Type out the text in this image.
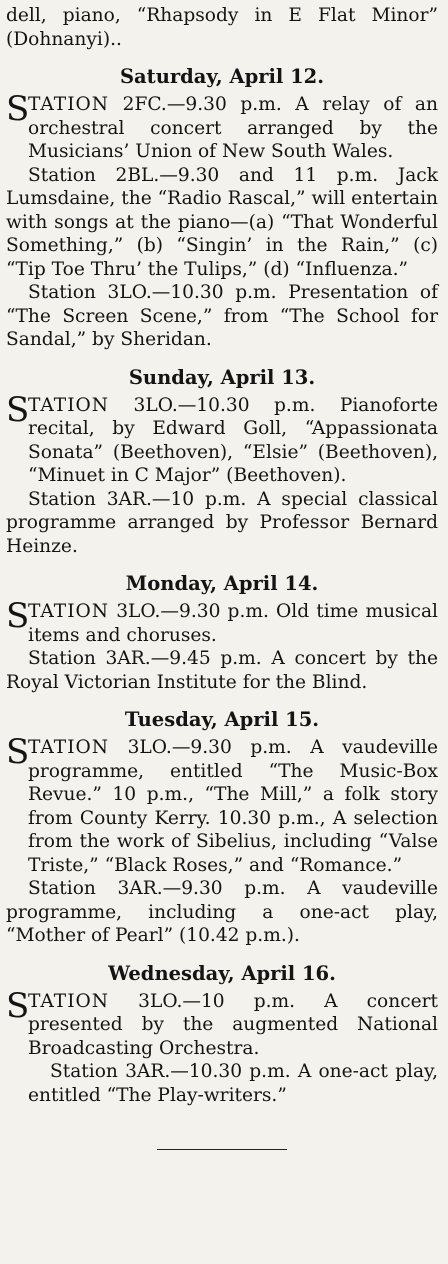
dell, piano, “Rhapsody in E Flat Minor” (Dohnanyi)..

Saturday, April 12.

S
TATION 2FC.—9.30 p.m. A relay of an orchestral concert arranged by the Musicians’ Union of New South Wales.

Station 2BL.—9.30 and 11 p.m. Jack Lumsdaine, the “Radio Rascal,” will entertain with songs at the piano—(a) “That Wonderful Something,” (b) “Singin’ in the Rain,” (c) “Tip Toe Thru’ the Tulips,” (d) “Influenza.”

Station 3LO.—10.30 p.m. Presentation of “The Screen Scene,” from “The School for Sandal,” by Sheridan.

Sunday, April 13.

S
TATION 3LO.—10.30 p.m. Pianoforte recital, by Edward Goll, “Appassionata Sonata” (Beethoven), “Elsie” (Beethoven), “Minuet in C Major” (Beethoven).

Station 3AR.—10 p.m. A special classical programme arranged by Professor Bernard Heinze.

Monday, April 14.

S
TATION 3LO.—9.30 p.m. Old time musical items and choruses.

Station 3AR.—9.45 p.m. A concert by the Royal Victorian Institute for the Blind.

Tuesday, April 15.

S
TATION 3LO.—9.30 p.m. A vaudeville programme, entitled “The Music-Box Revue.” 10 p.m., “The Mill,” a folk story from County Kerry. 10.30 p.m., A selection from the work of Sibelius, including “Valse Triste,” “Black Roses,” and “Romance.”

Station 3AR.—9.30 p.m. A vaudeville programme, including a one-act play, “Mother of Pearl” (10.42 p.m.).

Wednesday, April 16.

S
TATION 3LO.—10 p.m. A concert presented by the augmented National Broadcasting Orchestra.

Station 3AR.—10.30 p.m. A one-act play, entitled “The Play-writers.”
